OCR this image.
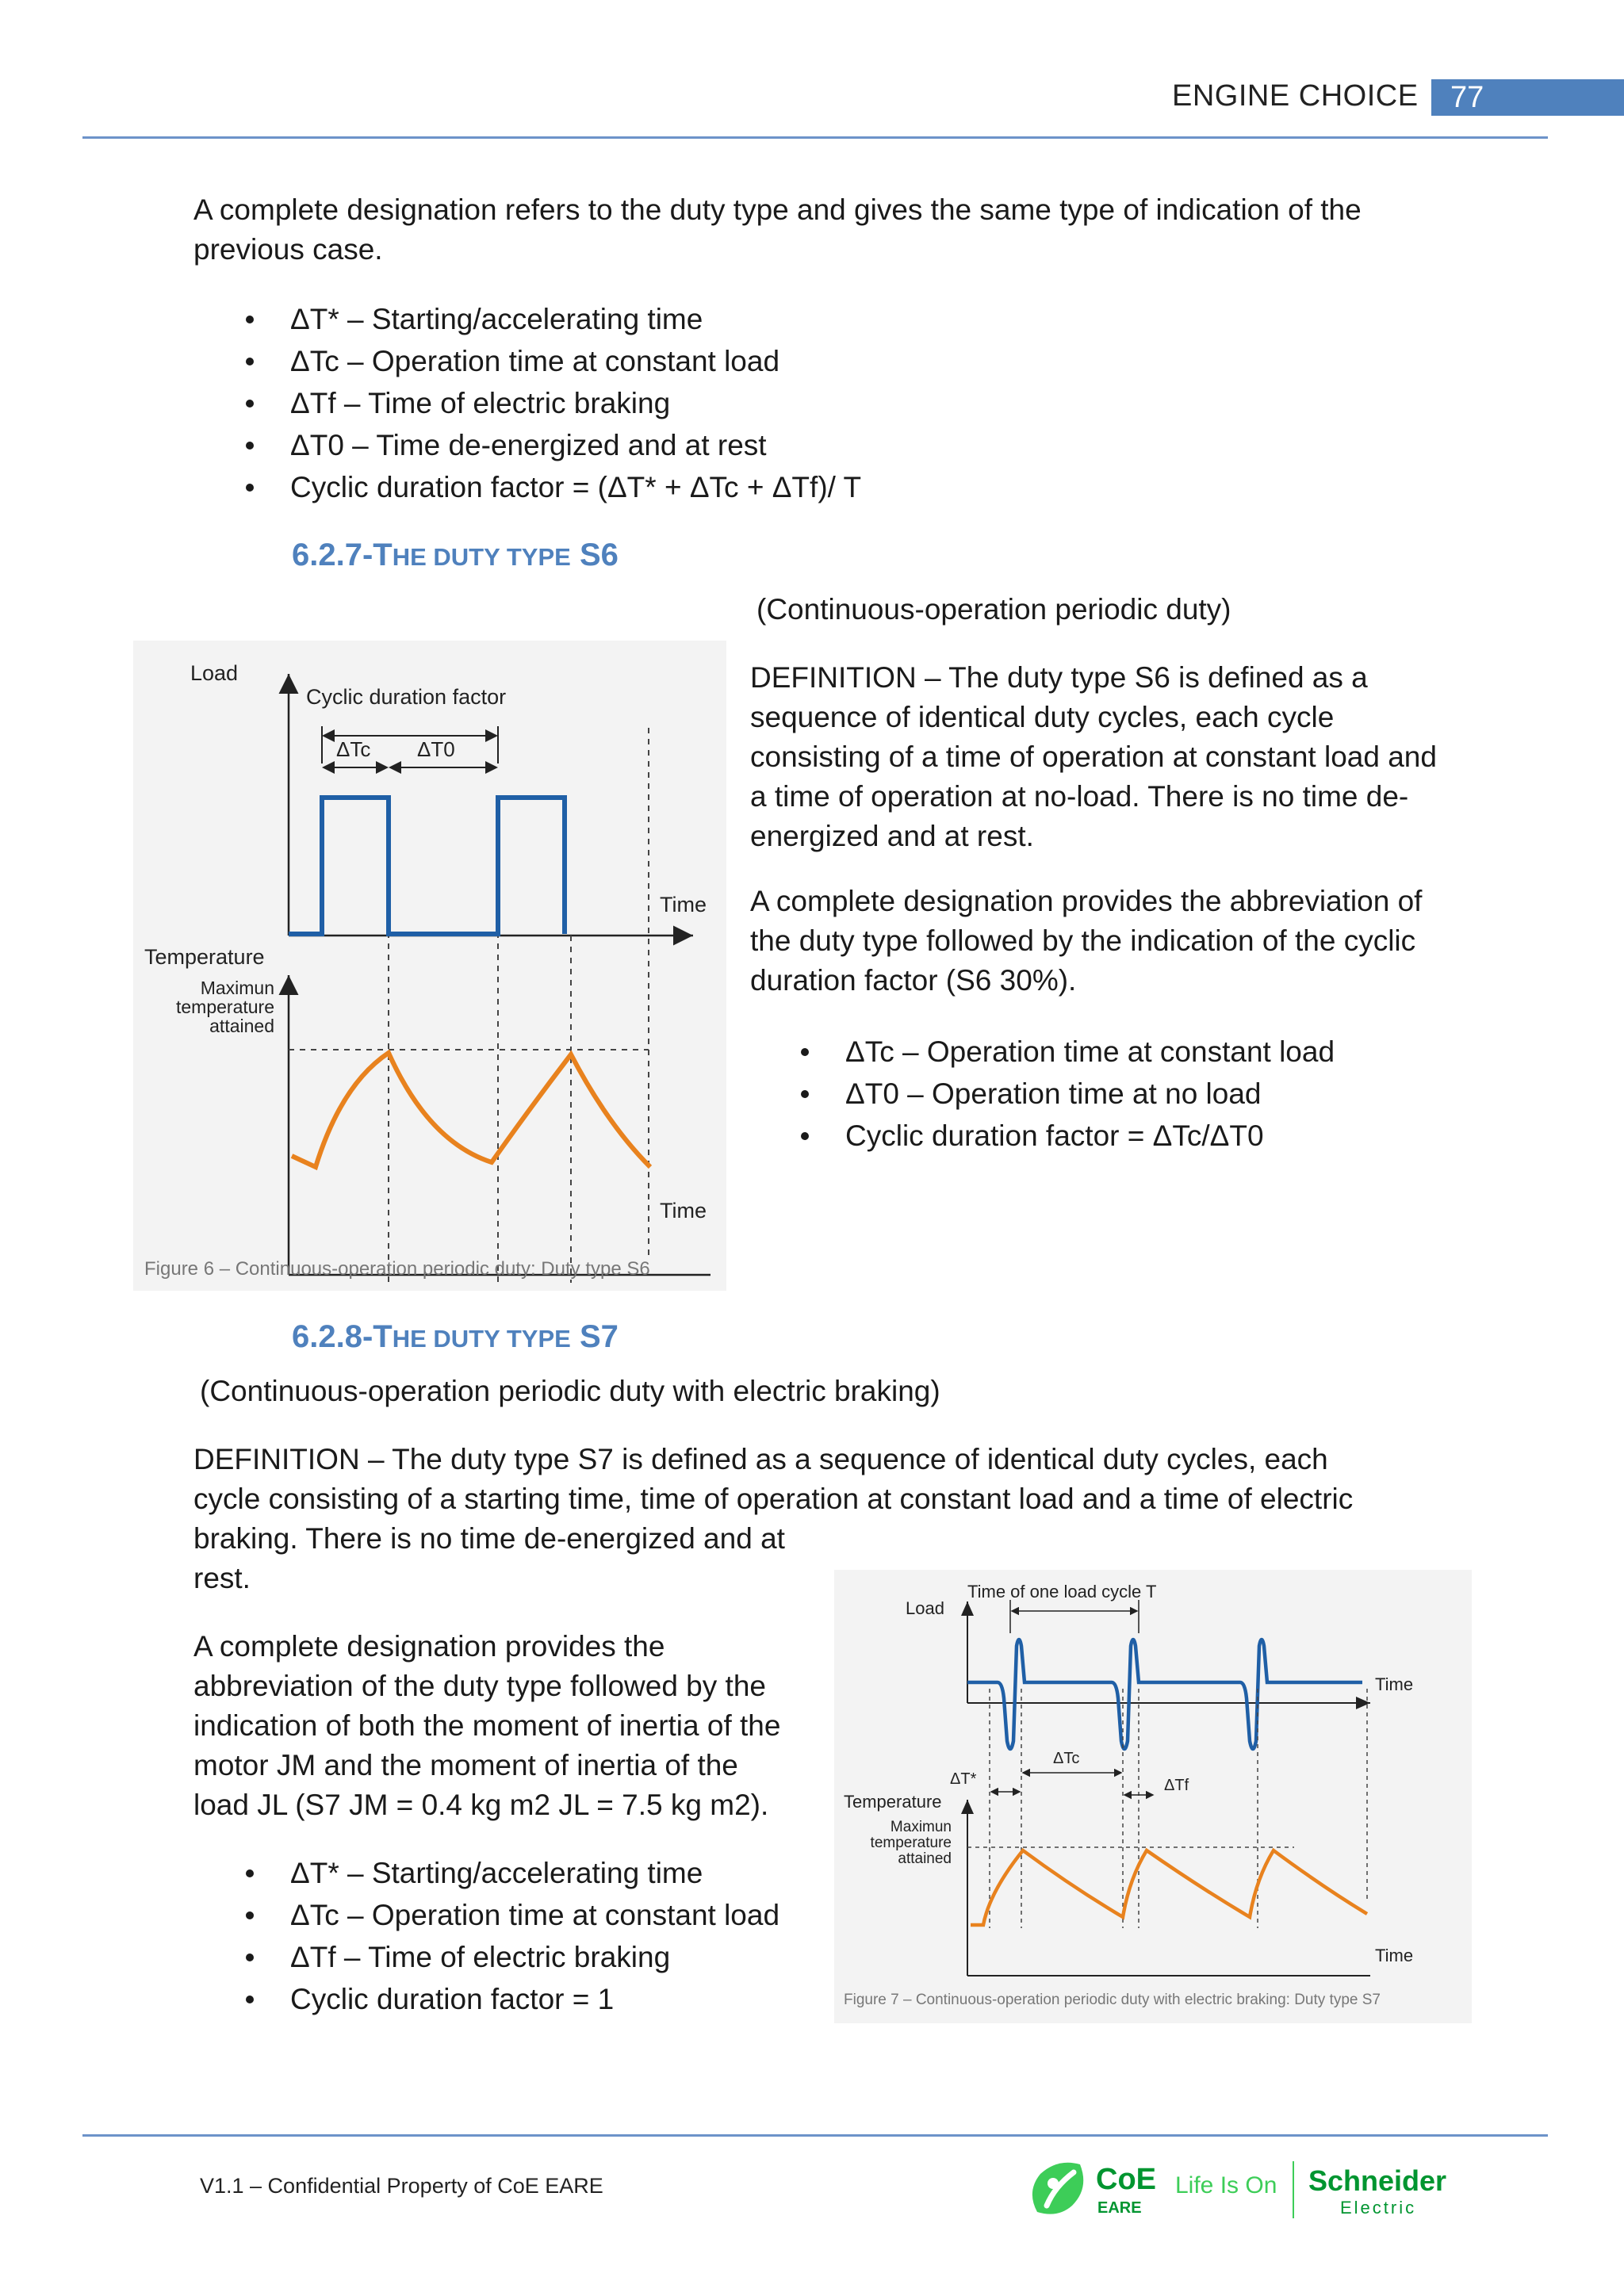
ENGINE CHOICE	77
A complete designation refers to the duty type and gives the same type of indication of the previous case.
ΔT* – Starting/accelerating time
ΔTc – Operation time at constant load
ΔTf – Time of electric braking
ΔT0 – Time de-energized and at rest
Cyclic duration factor = (ΔT* + ΔTc + ΔTf)/ T
6.2.7-THE DUTY TYPE S6
(Continuous-operation periodic duty)
Load
Cyclic duration factor
ΔTc ΔT0
Time
Temperature
Maximun
temperature
attained
Time
Figure 6 – Continuous-operation periodic duty: Duty type S6
DEFINITION – The duty type S6 is defined as a sequence of identical duty cycles, each cycle consisting of a time of operation at constant load and a time of operation at no-load. There is no time de-energized and at rest.
A complete designation provides the abbreviation of the duty type followed by the indication of the cyclic duration factor (S6 30%).
ΔTc – Operation time at constant load
ΔT0 – Operation time at no load
Cyclic duration factor = ΔTc/ΔT0
6.2.8-THE DUTY TYPE S7
(Continuous-operation periodic duty with electric braking)
DEFINITION – The duty type S7 is defined as a sequence of identical duty cycles, each
cycle consisting of a starting time, time of operation at constant load and a time of electric
braking. There is no time de-energized and at
rest.
A complete designation provides the
abbreviation of the duty type followed by the
indication of both the moment of inertia of the
motor JM and the moment of inertia of the
load JL (S7 JM = 0.4 kg m2 JL = 7.5 kg m2).
ΔT* – Starting/accelerating time
ΔTc – Operation time at constant load
ΔTf – Time of electric braking
Cyclic duration factor = 1
Load
Time of one load cycle T
Time
ΔT*
ΔTc
ΔTf
Temperature
Maximun
temperature
attained
Time
Figure 7 – Continuous-operation periodic duty with electric braking: Duty type S7
V1.1 – Confidential Property of CoE EARE	CoE
EARE
Life Is On Schneider
Electric
